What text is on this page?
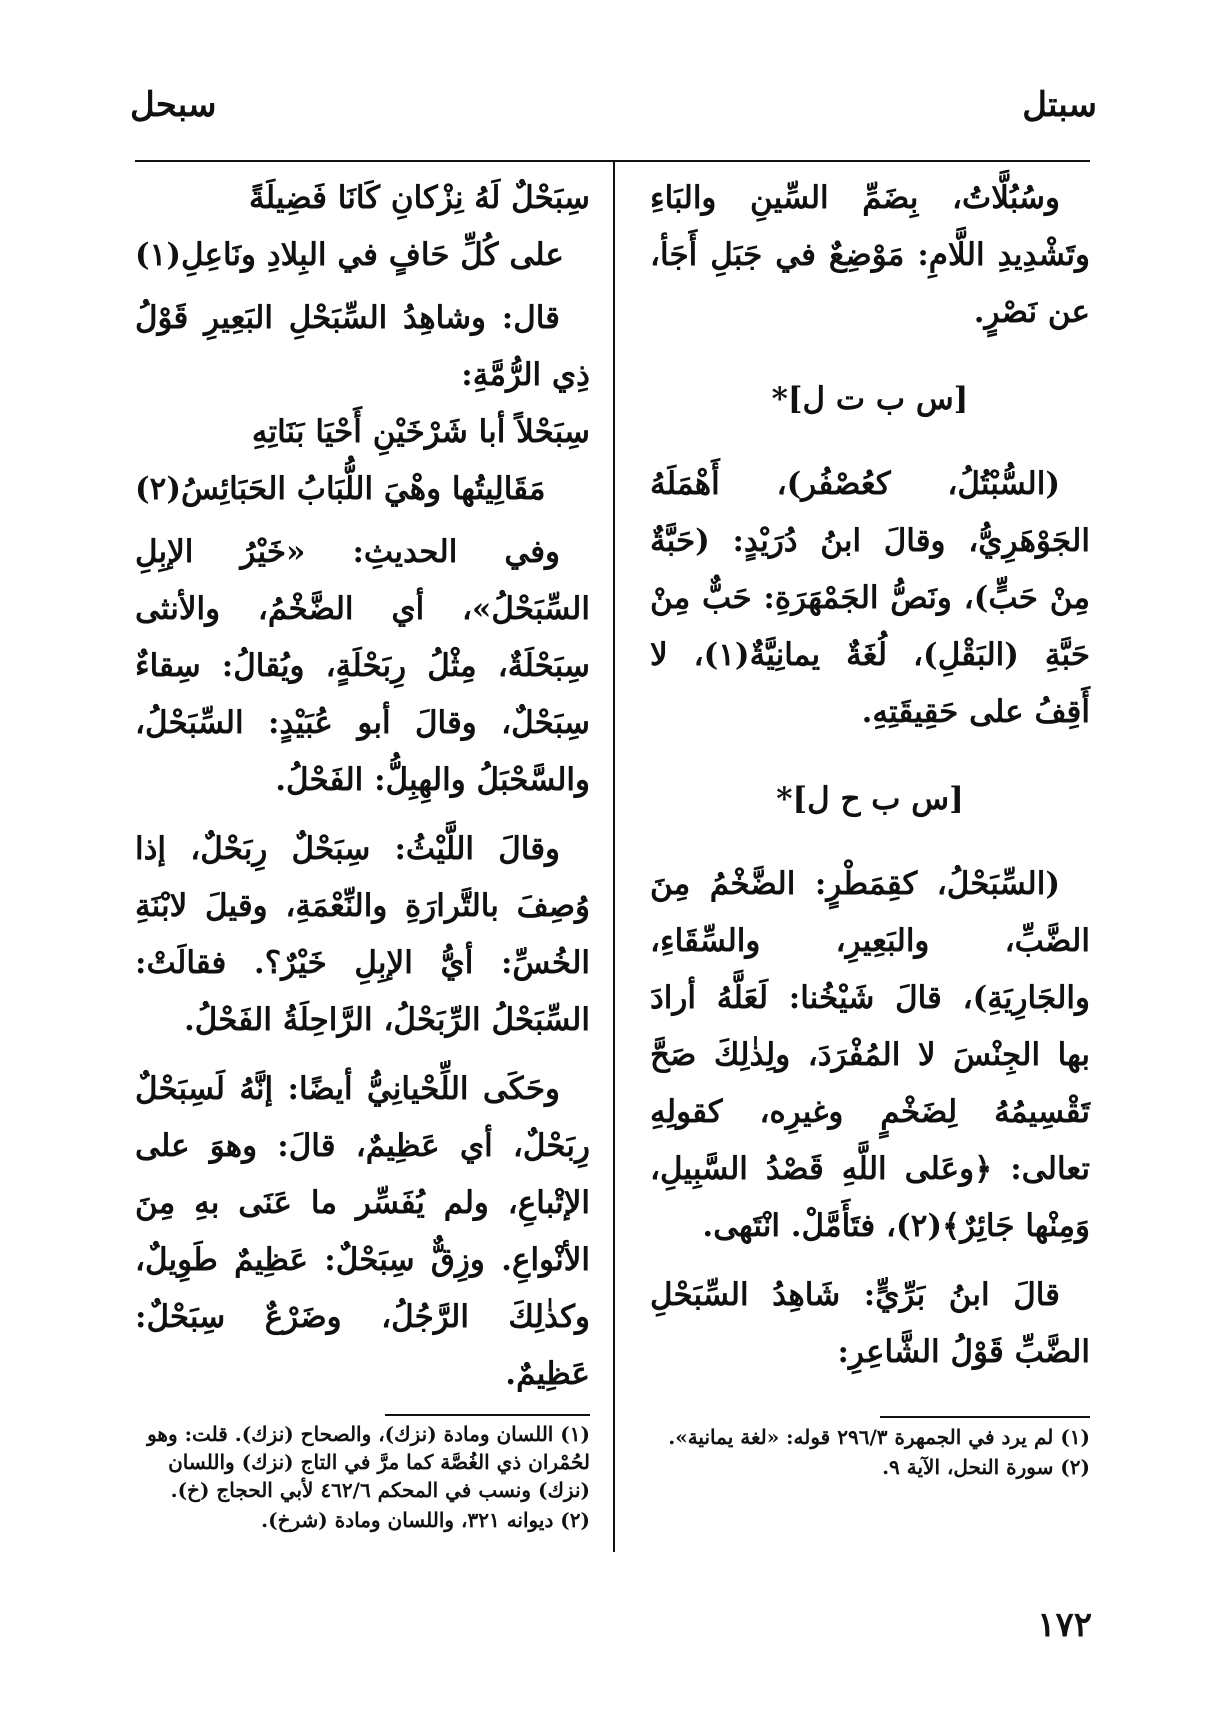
سبتل
سبحل

وسُبُلَّاتُ، بِضَمِّ السِّينِ والبَاءِ وتَشْدِيدِ اللَّامِ: مَوْضِعٌ في جَبَلِ أَجَأ، عن نَصْرٍ.

[س ب ت ل]*

(السُّبْتُلُ، كعُصْفُر)، أَهْمَلَهُ الجَوْهَرِيُّ، وقالَ ابنُ دُرَيْدٍ: (حَبَّةٌ مِنْ حَبٍّ)، ونَصُّ الجَمْهَرَةِ: حَبٌّ مِنْ حَبَّةِ (البَقْلِ)، لُغَةٌ يمانِيَّةٌ(١)، لا أَقِفُ على حَقِيقَتِهِ.

[س ب ح ل]*

(السِّبَحْلُ، كقِمَطْرٍ: الضَّخْمُ مِنَ الضَّبِّ، والبَعِيرِ، والسِّقَاءِ، والجَارِيَةِ)، قالَ شَيْخُنا: لَعَلَّهُ أرادَ بها الجِنْسَ لا المُفْرَدَ، ولِذٰلِكَ صَحَّ تَقْسِيمُهُ لِضَخْمٍ وغيرِه، كقولِهِ تعالى: ﴿وعَلى اللَّهِ قَصْدُ السَّبِيلِ، وَمِنْها جَائِرٌ﴾(٢)، فتَأَمَّلْ. انْتَهى.

قالَ ابنُ بَرِّيٍّ: شَاهِدُ السِّبَحْلِ الضَّبِّ قَوْلُ الشَّاعِرِ:

سِبَحْلٌ لَهُ نِزْكانِ كَانَا فَضِيلَةً

على كُلِّ حَافٍ في البِلادِ ونَاعِلِ(١)

قال: وشاهِدُ السِّبَحْلِ البَعِيرِ قَوْلُ ذِي الرُّمَّةِ:

سِبَحْلاً أبا شَرْخَيْنِ أَحْيَا بَنَاتِهِ

مَقَالِيتُها وهْيَ اللُّبَابُ الحَبَائِسُ(٢)

وفي الحديثِ: «خَيْرُ الإبِلِ السِّبَحْلُ»، أي الضَّخْمُ، والأنثى سِبَحْلَةٌ، مِثْلُ رِبَحْلَةٍ، ويُقالُ: سِقاءٌ سِبَحْلٌ، وقالَ أبو عُبَيْدٍ: السِّبَحْلُ، والسَّحْبَلُ والهِبِلُّ: الفَحْلُ.

وقالَ اللَّيْثُ: سِبَحْلٌ رِبَحْلٌ، إذا وُصِفَ بالتَّرارَةِ والنِّعْمَةِ، وقيلَ لابْنَةِ الخُسِّ: أيُّ الإبِلِ خَيْرٌ؟. فقالَتْ: السِّبَحْلُ الرِّبَحْلُ، الرَّاحِلَةُ الفَحْلُ.

وحَكَى اللِّحْيانِيُّ أيضًا: إنَّهُ لَسِبَحْلٌ رِبَحْلٌ، أي عَظِيمٌ، قالَ: وهوَ على الإتْباعِ، ولم يُفَسِّر ما عَنَى بهِ مِنَ الأنْواعِ. وزِقٌّ سِبَحْلٌ: عَظِيمٌ طَوِيلٌ، وكذٰلِكَ الرَّجُلُ، وضَرْعٌ سِبَحْلٌ: عَظِيمٌ.

(١) لم يرد في الجمهرة ٢٩٦/٣ قوله: «لغة يمانية».

(٢) سورة النحل، الآية ٩.

(١) اللسان ومادة (نزك)، والصحاح (نزك). قلت: وهو لحُمْران ذي الغُصَّة كما مرَّ في التاج (نزك) واللسان (نزك) ونسب في المحكم ٤٦٢/٦ لأبي الحجاج (خ).

(٢) ديوانه ٣٢١، واللسان ومادة (شرخ).

١٧٢
